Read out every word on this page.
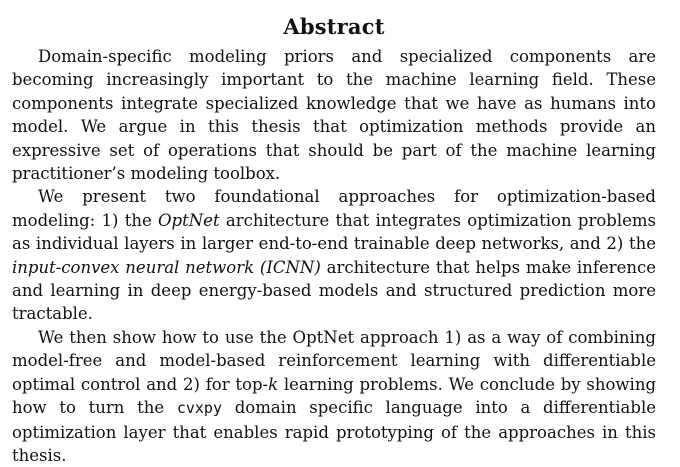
Abstract

Domain-specific modeling priors and specialized components are becoming increasingly important to the machine learning field. These components integrate specialized knowledge that we have as humans into model. We argue in this thesis that optimization methods provide an expressive set of operations that should be part of the machine learning practitioner’s modeling toolbox.

We present two foundational approaches for optimization-based modeling: 1) the OptNet architecture that integrates optimization problems as individual layers in larger end-to-end trainable deep networks, and 2) the input-convex neural network (ICNN) architecture that helps make inference and learning in deep energy-based models and structured prediction more tractable.

We then show how to use the OptNet approach 1) as a way of combining model-free and model-based reinforcement learning with differentiable optimal control and 2) for top-k learning problems. We conclude by showing how to turn the cvxpy domain specific language into a differentiable optimization layer that enables rapid prototyping of the approaches in this thesis.
